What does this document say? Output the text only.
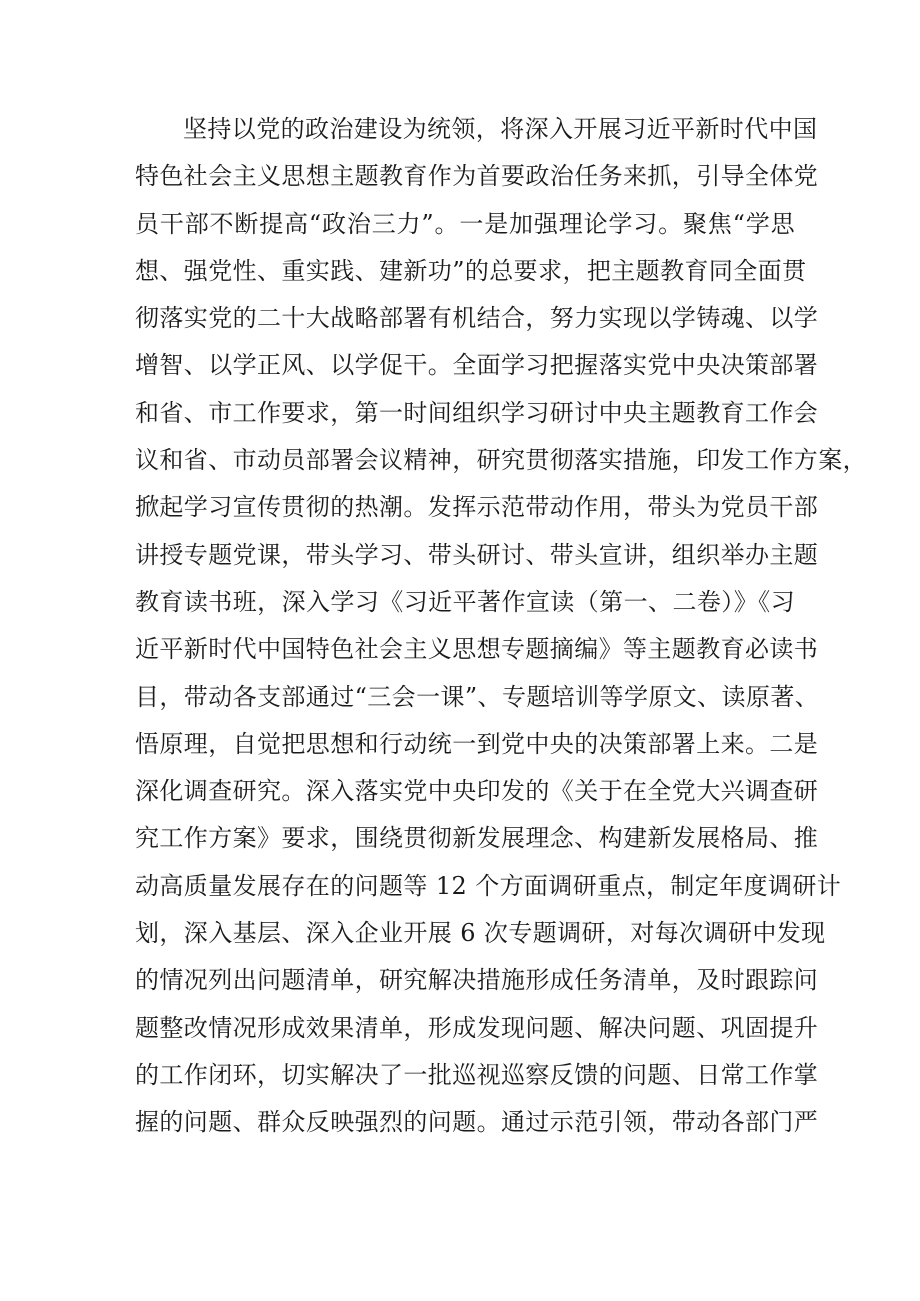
坚持以党的政治建设为统领，将深入开展习近平新时代中国
特色社会主义思想主题教育作为首要政治任务来抓，引导全体党
员干部不断提高“政治三力”。一是加强理论学习。聚焦“学思
想、强党性、重实践、建新功”的总要求，把主题教育同全面贯
彻落实党的二十大战略部署有机结合，努力实现以学铸魂、以学
增智、以学正风、以学促干。全面学习把握落实党中央决策部署
和省、市工作要求，第一时间组织学习研讨中央主题教育工作会
议和省、市动员部署会议精神，研究贯彻落实措施，印发工作方案，
掀起学习宣传贯彻的热潮。发挥示范带动作用，带头为党员干部
讲授专题党课，带头学习、带头研讨、带头宣讲，组织举办主题
教育读书班，深入学习《习近平著作宣读（第一、二卷）》《习
近平新时代中国特色社会主义思想专题摘编》等主题教育必读书
目，带动各支部通过“三会一课”、专题培训等学原文、读原著、
悟原理，自觉把思想和行动统一到党中央的决策部署上来。二是
深化调查研究。深入落实党中央印发的《关于在全党大兴调查研
究工作方案》要求，围绕贯彻新发展理念、构建新发展格局、推
动高质量发展存在的问题等 12 个方面调研重点，制定年度调研计
划，深入基层、深入企业开展 6 次专题调研，对每次调研中发现
的情况列出问题清单，研究解决措施形成任务清单，及时跟踪问
题整改情况形成效果清单，形成发现问题、解决问题、巩固提升
的工作闭环，切实解决了一批巡视巡察反馈的问题、日常工作掌
握的问题、群众反映强烈的问题。通过示范引领，带动各部门严
